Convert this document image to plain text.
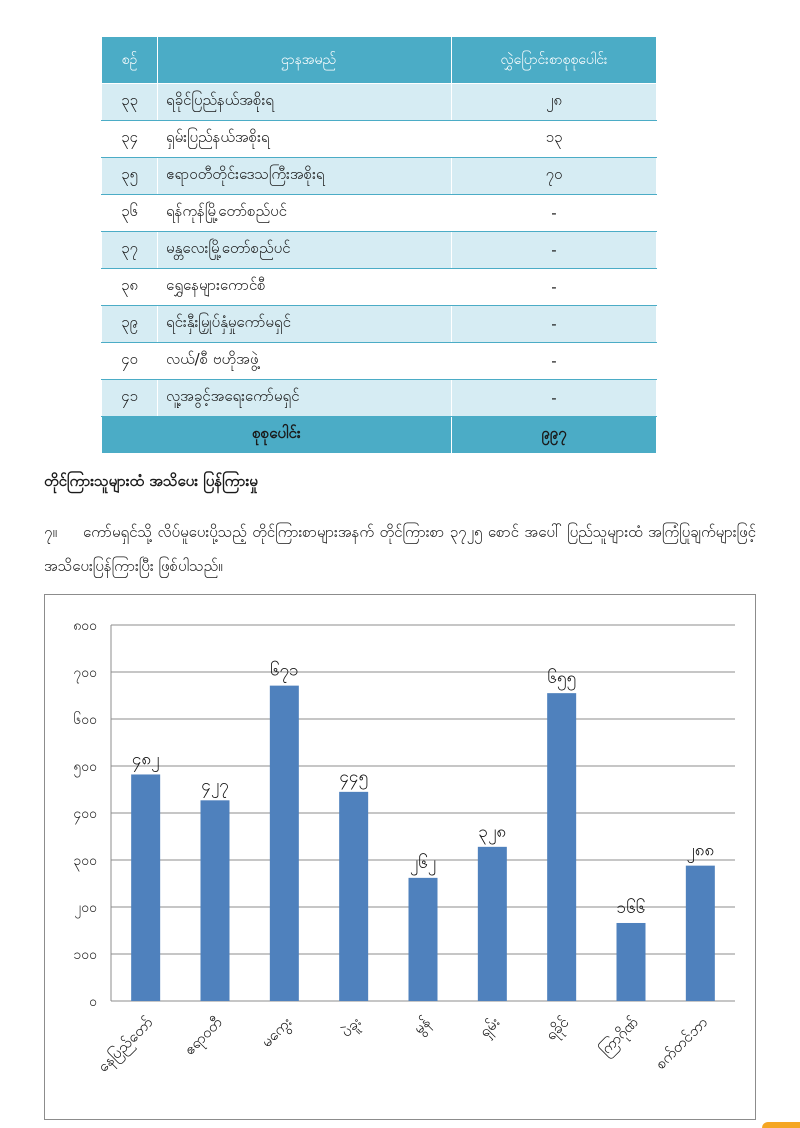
စဉ်	ဌာနအမည်	လွှဲပြောင်းစာစုစုပေါင်း
၃၃	ရခိုင်ပြည်နယ်အစိုးရ	၂၈
၃၄	ရှမ်းပြည်နယ်အစိုးရ	၁၃
၃၅	ဧရာဝတီတိုင်းဒေသကြီးအစိုးရ	၇၀
၃၆	ရန်ကုန်မြို့တော်စည်ပင်	-
၃၇	မန္တလေးမြို့တော်စည်ပင်	-
၃၈	ရွှေနေများကောင်စီ	-
၃၉	ရင်းနှီးမြှုပ်နှံမှုကော်မရှင်	-
၄၀	လယ်/စီ ဗဟိုအဖွဲ့	-
၄၁	လူ့အခွင့်အရေးကော်မရှင်	-
စုစုပေါင်း		၉၉၇
တိုင်ကြားသူများထံ အသိပေး ပြန်ကြားမှု
၇။ ကော်မရှင်သို့ လိပ်မူပေးပို့သည့် တိုင်ကြားစာများအနက် တိုင်ကြားစာ ၃၇၂၅ စောင် အပေါ် ပြည်သူများထံ အကြံပြုချက်များဖြင့် အသိပေးပြန်ကြားပြီး ဖြစ်ပါသည်။
၀
၁၀၀
၂၀၀
၃၀၀
၄၀၀
၅၀၀
၆၀၀
၇၀၀
၈၀၀
၄၈၂
နေပြည်တော်
၄၂၇
ဧရာဝတီ
၆၇၁
မကွေး
၄၄၅
ပဲခူး
၂၆၂
မွန်
၃၂၈
ရှမ်း
၆၅၅
ရခိုင်
၁၆၆
ကြာဂိုဏ်
၂၈၈
စက်တင်ဘာ
